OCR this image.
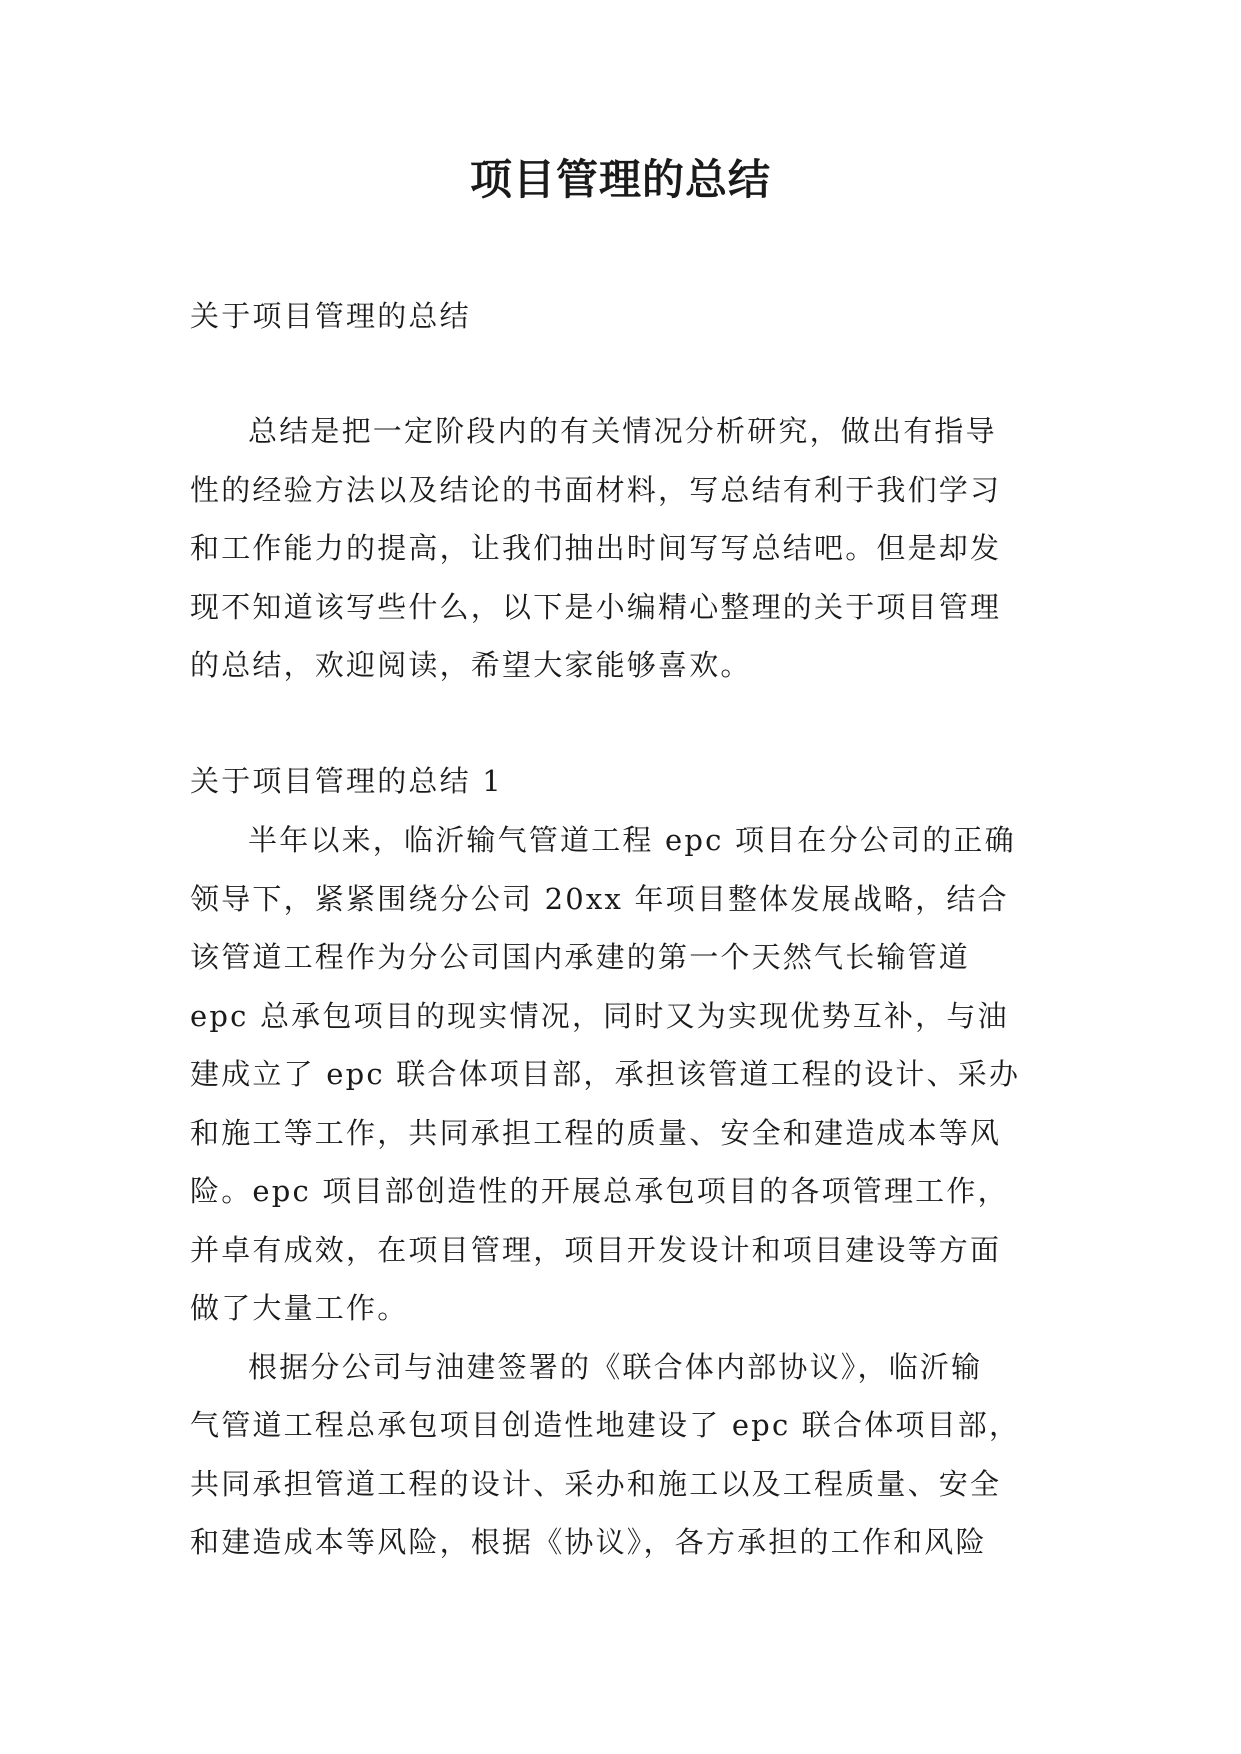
项目管理的总结
关于项目管理的总结
总结是把一定阶段内的有关情况分析研究，做出有指导
性的经验方法以及结论的书面材料，写总结有利于我们学习
和工作能力的提高，让我们抽出时间写写总结吧。但是却发
现不知道该写些什么，以下是小编精心整理的关于项目管理
的总结，欢迎阅读，希望大家能够喜欢。
关于项目管理的总结 1
半年以来，临沂输气管道工程 epc 项目在分公司的正确
领导下，紧紧围绕分公司 20xx 年项目整体发展战略，结合
该管道工程作为分公司国内承建的第一个天然气长输管道
epc 总承包项目的现实情况，同时又为实现优势互补，与油
建成立了 epc 联合体项目部，承担该管道工程的设计、采办
和施工等工作，共同承担工程的质量、安全和建造成本等风
险。epc 项目部创造性的开展总承包项目的各项管理工作，
并卓有成效，在项目管理，项目开发设计和项目建设等方面
做了大量工作。
根据分公司与油建签署的《联合体内部协议》，临沂输
气管道工程总承包项目创造性地建设了 epc 联合体项目部，
共同承担管道工程的设计、采办和施工以及工程质量、安全
和建造成本等风险，根据《协议》，各方承担的工作和风险
